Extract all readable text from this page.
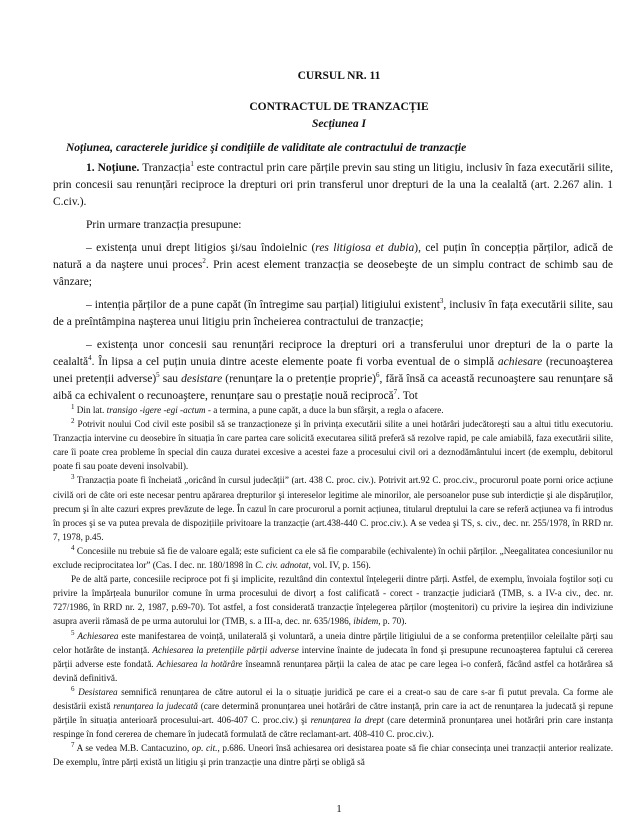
CURSUL NR. 11
CONTRACTUL DE TRANZACȚIE
Secțiunea I
Noțiunea, caracterele juridice şi condițiile de validitate ale contractului de tranzacție

1. Noțiune. Tranzacția$^1$ este contractul prin care părțile previn sau sting un litigiu, inclusiv în faza executării silite, prin concesii sau renunțări reciproce la drepturi ori prin transferul unor drepturi de la una la cealaltă (art. 2.267 alin. 1 C.civ.).

Prin urmare tranzacția presupune:

– existența unui drept litigios şi/sau îndoielnic (res litigiosa et dubia), cel puțin în concepția părților, adică de natură a da naştere unui proces$^2$. Prin acest element tranzacția se deosebeşte de un simplu contract de schimb sau de vânzare;

– intenția părților de a pune capăt (în întregime sau parțial) litigiului existent$^3$, inclusiv în fața executării silite, sau de a preîntâmpina naşterea unui litigiu prin încheierea contractului de tranzacție;

– existența unor concesii sau renunțări reciproce la drepturi ori a transferului unor drepturi de la o parte la cealaltă$^4$. În lipsa a cel puțin unuia dintre aceste elemente poate fi vorba eventual de o simplă achiesare (recunoaşterea unei pretenții adverse)$^5$ sau desistare (renunțare la o pretenție proprie)$^6$, fără însă ca această recunoaştere sau renunțare să aibă ca echivalent o recunoaştere, renunțare sau o prestație nouă reciprocă$^7$. Tot

$^1$ Din lat. transigo -igere -egi -actum - a termina, a pune capăt, a duce la bun sfârşit, a regla o afacere.

$^2$ Potrivit noului Cod civil este posibil să se tranzacționeze şi în privința executării silite a unei hotărâri judecătoreşti sau a altui titlu executoriu. Tranzacția intervine cu deosebire în situația în care partea care solicită executarea silită preferă să rezolve rapid, pe cale amiabilă, faza executării silite, care îi poate crea probleme în special din cauza duratei excesive a acestei faze a procesului civil ori a deznodământului incert (de exemplu, debitorul poate fi sau poate deveni insolvabil).

$^3$ Tranzacția poate fi încheiată „oricând în cursul judecății” (art. 438 C. proc. civ.). Potrivit art.92 C. proc.civ., procurorul poate porni orice acțiune civilă ori de câte ori este necesar pentru apărarea drepturilor şi intereselor legitime ale minorilor, ale persoanelor puse sub interdicție şi ale dispăruților, precum şi în alte cazuri expres prevăzute de lege. În cazul în care procurorul a pornit acțiunea, titularul dreptului la care se referă acțiunea va fi introdus în proces şi se va putea prevala de dispozițiile privitoare la tranzacție (art.438-440 C. proc.civ.). A se vedea şi TS, s. civ., dec. nr. 255/1978, în RRD nr. 7, 1978, p.45.

$^4$ Concesiile nu trebuie să fie de valoare egală; este suficient ca ele să fie comparabile (echivalente) în ochii părților. „Neegalitatea concesiunilor nu exclude reciprocitatea lor” (Cas. I dec. nr. 180/1898 în C. civ. adnotat, vol. IV, p. 156).

Pe de altă parte, concesiile reciproce pot fi şi implicite, rezultând din contextul înțelegerii dintre părți. Astfel, de exemplu, învoiala foştilor soți cu privire la împărțeala bunurilor comune în urma procesului de divorț a fost calificată - corect - tranzacție judiciară (TMB, s. a IV-a civ., dec. nr. 727/1986, în RRD nr. 2, 1987, p.69-70). Tot astfel, a fost considerată tranzacție înțelegerea părților (moştenitori) cu privire la ieşirea din indiviziune asupra averii rămasă de pe urma autorului lor (TMB, s. a III-a, dec. nr. 635/1986, ibidem, p. 70).

$^5$ Achiesarea este manifestarea de voință, unilaterală şi voluntară, a uneia dintre părțile litigiului de a se conforma pretențiilor celeilalte părți sau celor hotărâte de instanță. Achiesarea la pretențiile părții adverse intervine înainte de judecata în fond şi presupune recunoaşterea faptului că cererea părții adverse este fondată. Achiesarea la hotărâre înseamnă renunțarea părții la calea de atac pe care legea i-o conferă, făcând astfel ca hotărârea să devină definitivă.

$^6$ Desistarea semnifică renunțarea de către autorul ei la o situație juridică pe care ei a creat-o sau de care s-ar fi putut prevala. Ca forme ale desistării există renunțarea la judecată (care determină pronunțarea unei hotărâri de către instanță, prin care ia act de renunțarea la judecată şi repune părțile în situația anterioară procesului-art. 406-407 C. proc.civ.) şi renunțarea la drept (care determină pronunțarea unei hotărâri prin care instanța respinge în fond cererea de chemare în judecată formulată de către reclamant-art. 408-410 C. proc.civ.).

$^7$ A se vedea M.B. Cantacuzino, op. cit., p.686. Uneori însă achiesarea ori desistarea poate să fie chiar consecința unei tranzacții anterior realizate. De exemplu, între părți există un litigiu şi prin tranzacție una dintre părți se obligă să

1
